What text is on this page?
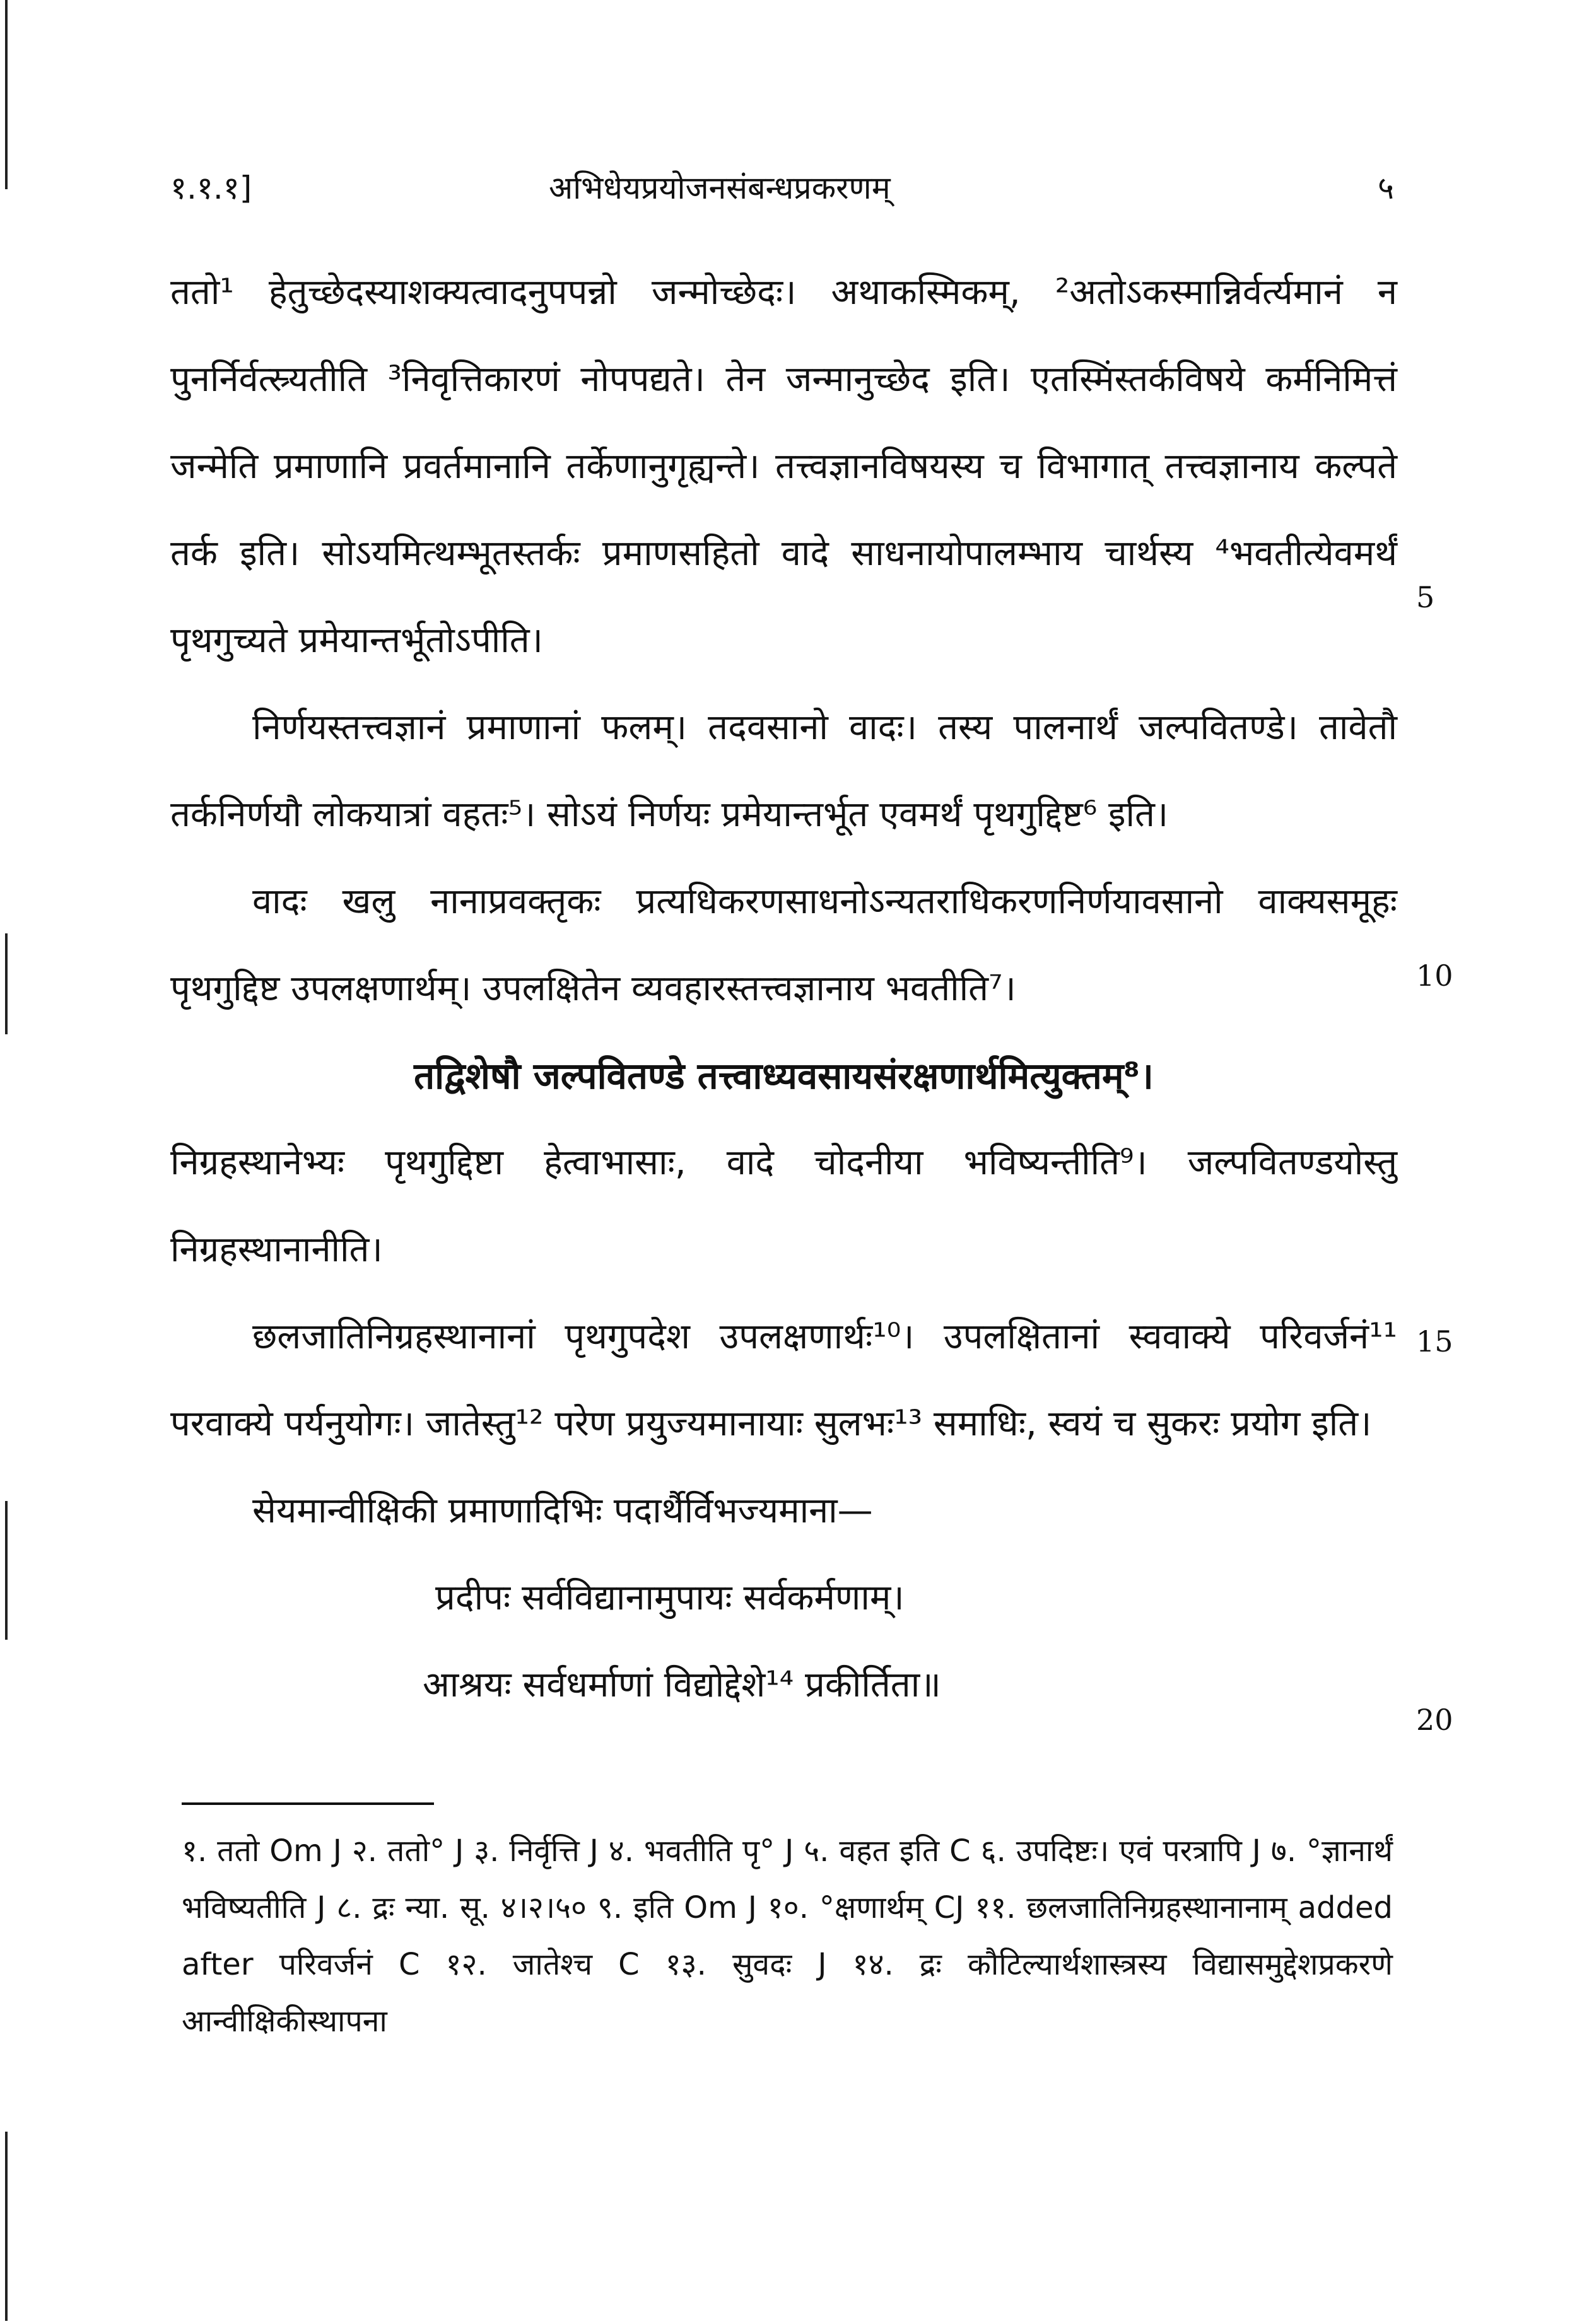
१.१.१]	अभिधेयप्रयोजनसंबन्धप्रकरणम्	५

ततो¹ हेतुच्छेदस्याशक्यत्वादनुपपन्नो जन्मोच्छेदः। अथाकस्मिकम्, ²अतोऽकस्मान्निर्वर्त्यमानं न पुनर्निर्वत्स्र्यतीति ³निवृत्तिकारणं नोपपद्यते। तेन जन्मानुच्छेद इति। एतस्मिंस्तर्कविषये कर्मनिमित्तं जन्मेति प्रमाणानि प्रवर्तमानानि तर्केणानुगृह्यन्ते। तत्त्वज्ञानविषयस्य च विभागात् तत्त्वज्ञानाय कल्पते तर्क इति। सोऽयमित्थम्भूतस्तर्कः प्रमाणसहितो वादे साधनायोपालम्भाय चार्थस्य ⁴भवतीत्येवमर्थं पृथगुच्यते प्रमेयान्तर्भूतोऽपीति।

निर्णयस्तत्त्वज्ञानं प्रमाणानां फलम्। तदवसानो वादः। तस्य पालनार्थं जल्पवितण्डे। तावेतौ तर्कनिर्णयौ लोकयात्रां वहतः⁵। सोऽयं निर्णयः प्रमेयान्तर्भूत एवमर्थं पृथगुद्दिष्ट⁶ इति।

वादः खलु नानाप्रवक्तृकः प्रत्यधिकरणसाधनोऽन्यतराधिकरणनिर्णयावसानो वाक्यसमूहः पृथगुद्दिष्ट उपलक्षणार्थम्। उपलक्षितेन व्यवहारस्तत्त्वज्ञानाय भवतीति⁷।

तद्विशेषौ जल्पवितण्डे तत्त्वाध्यवसायसंरक्षणार्थमित्युक्तम्⁸।

निग्रहस्थानेभ्यः पृथगुद्दिष्टा हेत्वाभासाः, वादे चोदनीया भविष्यन्तीति⁹। जल्पवितण्डयोस्तु निग्रहस्थानानीति।

छलजातिनिग्रहस्थानानां पृथगुपदेश उपलक्षणार्थः¹⁰। उपलक्षितानां स्ववाक्ये परिवर्जनं¹¹ परवाक्ये पर्यनुयोगः। जातेस्तु¹² परेण प्रयुज्यमानायाः सुलभः¹³ समाधिः, स्वयं च सुकरः प्रयोग इति।

सेयमान्वीक्षिकी प्रमाणादिभिः पदार्थैर्विभज्यमाना—

प्रदीपः सर्वविद्यानामुपायः सर्वकर्मणाम्।

आश्रयः सर्वधर्माणां विद्योद्देशे¹⁴ प्रकीर्तिता॥

5
10
15
20

१. ततो Om J २. ततो° J ३. निर्वृत्ति J ४. भवतीति पृ° J ५. वहत इति C ६. उपदिष्टः। एवं परत्रापि J ७. °ज्ञानार्थं भविष्यतीति J ८. द्रः न्या. सू. ४।२।५० ९. इति Om J १०. °क्षणार्थम् CJ ११. छलजातिनिग्रहस्थानानाम् added after परिवर्जनं C १२. जातेश्च C १३. सुवदः J १४. द्रः कौटिल्यार्थशास्त्रस्य विद्यासमुद्देशप्रकरणे आन्वीक्षिकीस्थापना
